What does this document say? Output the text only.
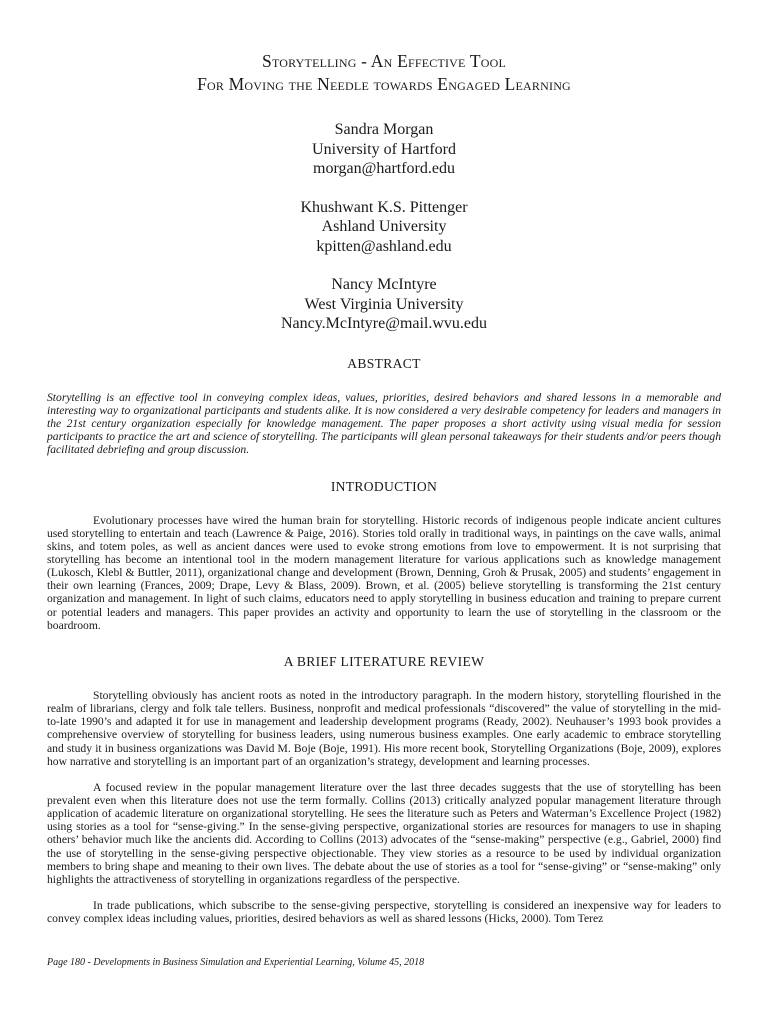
Storytelling - An Effective Tool
For Moving the Needle towards Engaged Learning
Sandra Morgan
University of Hartford
morgan@hartford.edu
Khushwant K.S. Pittenger
Ashland University
kpitten@ashland.edu
Nancy McIntyre
West Virginia University
Nancy.McIntyre@mail.wvu.edu
ABSTRACT

Storytelling is an effective tool in conveying complex ideas, values, priorities, desired behaviors and shared lessons in a memorable and interesting way to organizational participants and students alike. It is now considered a very desirable competency for leaders and managers in the 21st century organization especially for knowledge management. The paper proposes a short activity using visual media for session participants to practice the art and science of storytelling. The participants will glean personal takeaways for their students and/or peers though facilitated debriefing and group discussion.

INTRODUCTION

Evolutionary processes have wired the human brain for storytelling. Historic records of indigenous people indicate ancient cultures used storytelling to entertain and teach (Lawrence & Paige, 2016). Stories told orally in traditional ways, in paintings on the cave walls, animal skins, and totem poles, as well as ancient dances were used to evoke strong emotions from love to empowerment. It is not surprising that storytelling has become an intentional tool in the modern management literature for various applications such as knowledge management (Lukosch, Klebl & Buttler, 2011), organizational change and development (Brown, Denning, Groh & Prusak, 2005) and students’ engagement in their own learning (Frances, 2009; Drape, Levy & Blass, 2009). Brown, et al. (2005) believe storytelling is transforming the 21st century organization and management. In light of such claims, educators need to apply storytelling in business education and training to prepare current or potential leaders and managers. This paper provides an activity and opportunity to learn the use of storytelling in the classroom or the boardroom.

A BRIEF LITERATURE REVIEW

Storytelling obviously has ancient roots as noted in the introductory paragraph. In the modern history, storytelling flourished in the realm of librarians, clergy and folk tale tellers. Business, nonprofit and medical professionals “discovered” the value of storytelling in the mid-to-late 1990’s and adapted it for use in management and leadership development programs (Ready, 2002). Neuhauser’s 1993 book provides a comprehensive overview of storytelling for business leaders, using numerous business examples. One early academic to embrace storytelling and study it in business organizations was David M. Boje (Boje, 1991). His more recent book, Storytelling Organizations (Boje, 2009), explores how narrative and storytelling is an important part of an organization’s strategy, development and learning processes.

A focused review in the popular management literature over the last three decades suggests that the use of storytelling has been prevalent even when this literature does not use the term formally. Collins (2013) critically analyzed popular management literature through application of academic literature on organizational storytelling. He sees the literature such as Peters and Waterman’s Excellence Project (1982) using stories as a tool for “sense-giving.” In the sense-giving perspective, organizational stories are resources for managers to use in shaping others’ behavior much like the ancients did. According to Collins (2013) advocates of the “sense-making” perspective (e.g., Gabriel, 2000) find the use of storytelling in the sense-giving perspective objectionable. They view stories as a resource to be used by individual organization members to bring shape and meaning to their own lives. The debate about the use of stories as a tool for “sense-giving” or “sense-making” only highlights the attractiveness of storytelling in organizations regardless of the perspective.

In trade publications, which subscribe to the sense-giving perspective, storytelling is considered an inexpensive way for leaders to convey complex ideas including values, priorities, desired behaviors as well as shared lessons (Hicks, 2000). Tom Terez

Page 180 - Developments in Business Simulation and Experiential Learning, Volume 45, 2018
